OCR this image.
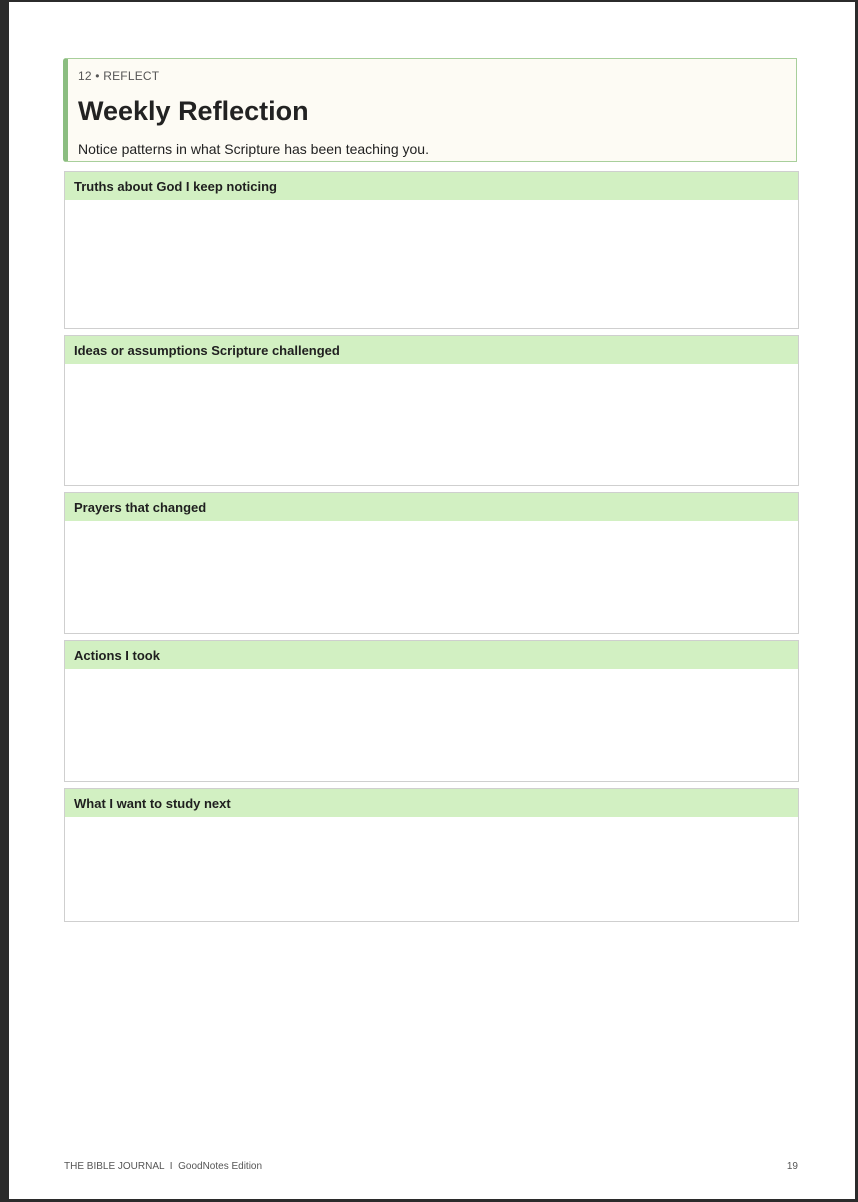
12 • REFLECT
Weekly Reflection
Notice patterns in what Scripture has been teaching you.
Truths about God I keep noticing
Ideas or assumptions Scripture challenged
Prayers that changed
Actions I took
What I want to study next
THE BIBLE JOURNAL  I  GoodNotes Edition	19
